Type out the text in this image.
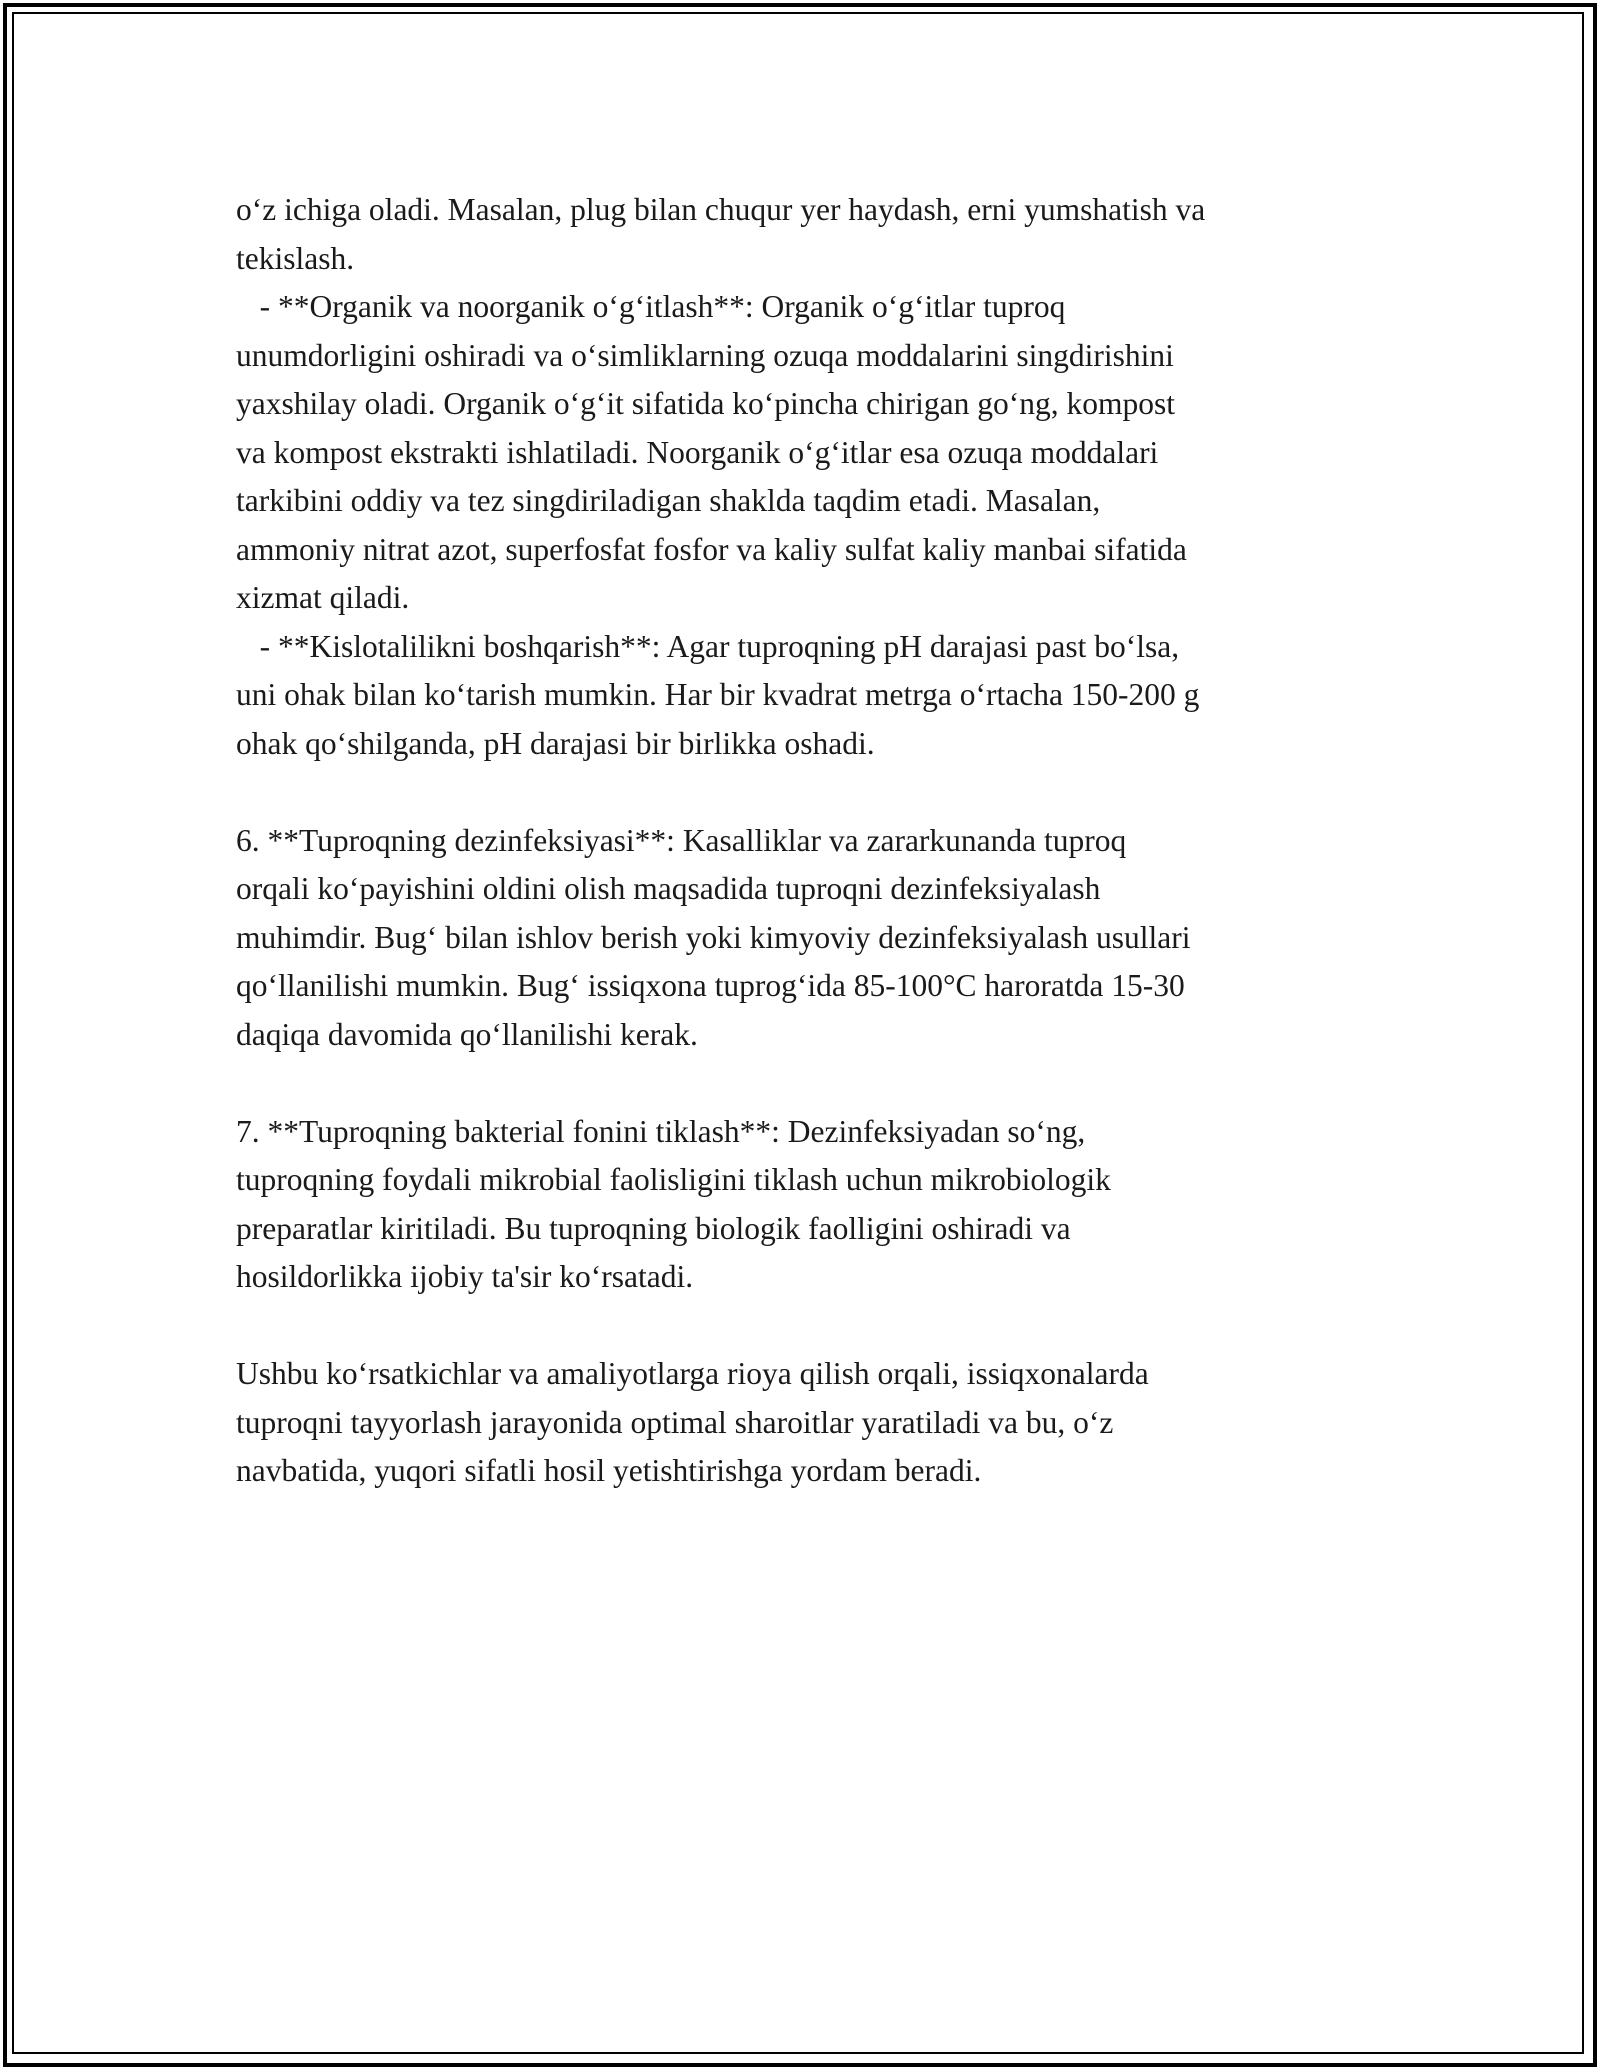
o‘z ichiga oladi. Masalan, plug bilan chuqur yer haydash, erni yumshatish va
tekislash.
- **Organik va noorganik o‘g‘itlash**: Organik o‘g‘itlar tuproq
unumdorligini oshiradi va o‘simliklarning ozuqa moddalarini singdirishini
yaxshilay oladi. Organik o‘g‘it sifatida ko‘pincha chirigan go‘ng, kompost
va kompost ekstrakti ishlatiladi. Noorganik o‘g‘itlar esa ozuqa moddalari
tarkibini oddiy va tez singdiriladigan shaklda taqdim etadi. Masalan,
ammoniy nitrat azot, superfosfat fosfor va kaliy sulfat kaliy manbai sifatida
xizmat qiladi.
- **Kislotalilikni boshqarish**: Agar tuproqning pH darajasi past bo‘lsa,
uni ohak bilan ko‘tarish mumkin. Har bir kvadrat metrga o‘rtacha 150-200 g
ohak qo‘shilganda, pH darajasi bir birlikka oshadi.
6. **Tuproqning dezinfeksiyasi**: Kasalliklar va zararkunanda tuproq
orqali ko‘payishini oldini olish maqsadida tuproqni dezinfeksiyalash
muhimdir. Bug‘ bilan ishlov berish yoki kimyoviy dezinfeksiyalash usullari
qo‘llanilishi mumkin. Bug‘ issiqxona tuprog‘ida 85-100°C haroratda 15-30
daqiqa davomida qo‘llanilishi kerak.
7. **Tuproqning bakterial fonini tiklash**: Dezinfeksiyadan so‘ng,
tuproqning foydali mikrobial faolisligini tiklash uchun mikrobiologik
preparatlar kiritiladi. Bu tuproqning biologik faolligini oshiradi va
hosildorlikka ijobiy ta'sir ko‘rsatadi.
Ushbu ko‘rsatkichlar va amaliyotlarga rioya qilish orqali, issiqxonalarda
tuproqni tayyorlash jarayonida optimal sharoitlar yaratiladi va bu, o‘z
navbatida, yuqori sifatli hosil yetishtirishga yordam beradi.
